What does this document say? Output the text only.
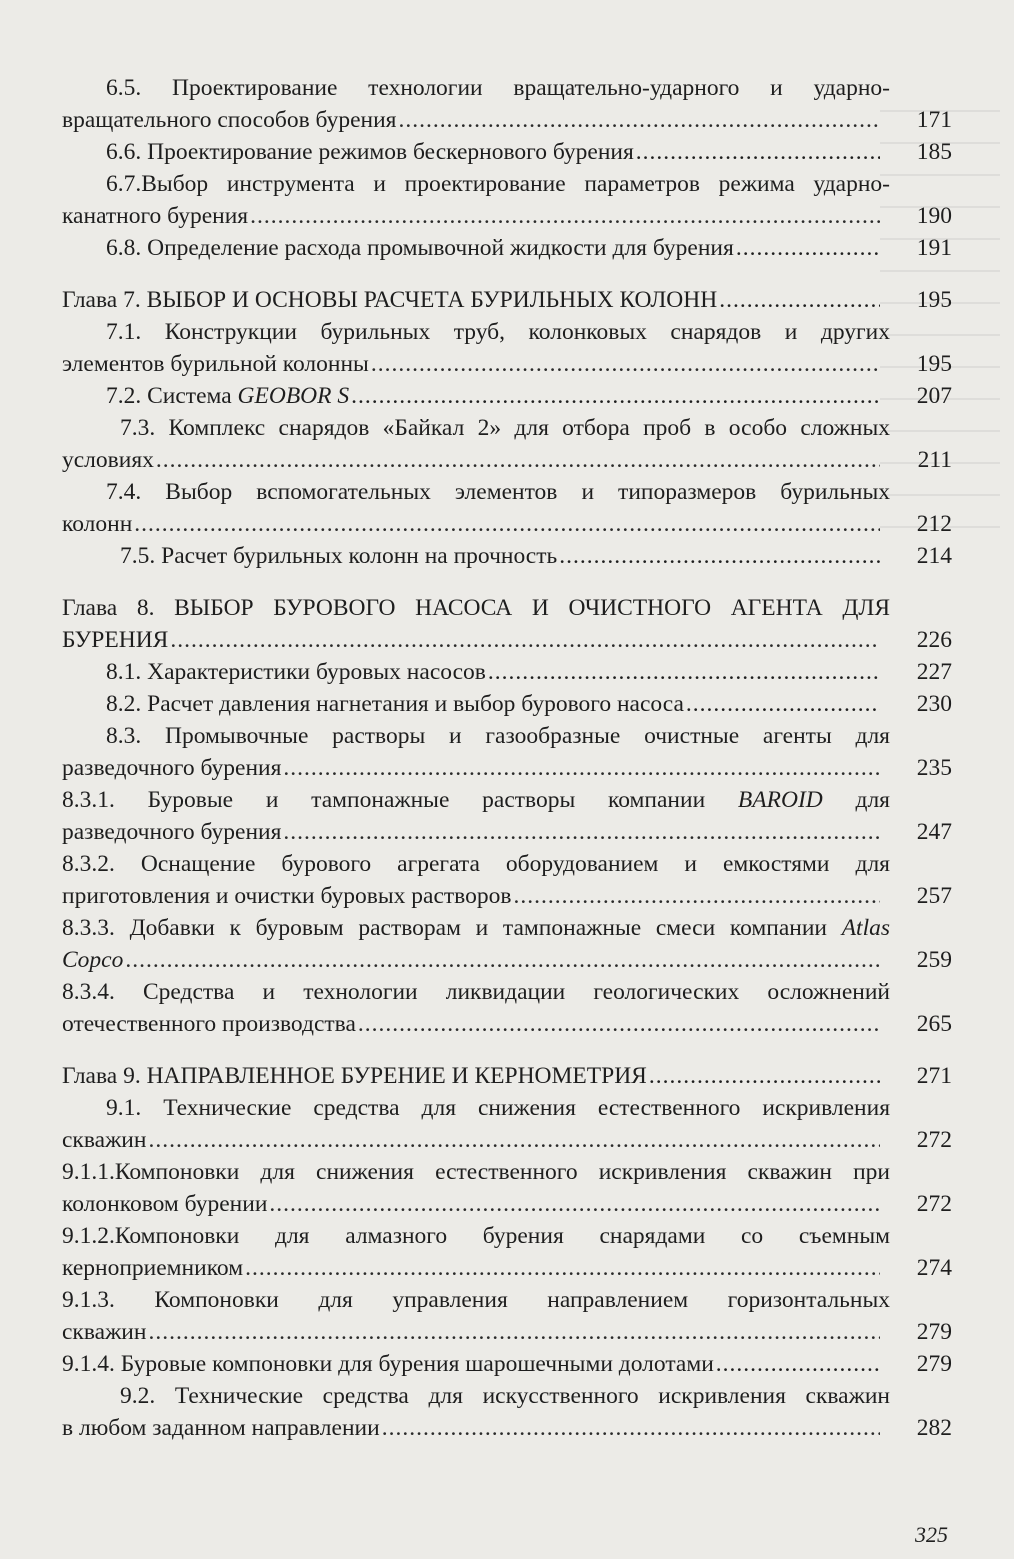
6.5. Проектирование технологии вращательно-ударного и ударно-
вращательного способов бурения .....	171
6.6. Проектирование режимов бескернового бурения .....	185
6.7.Выбор инструмента и проектирование параметров режима ударно-
канатного бурения .....	190
6.8. Определение расхода промывочной жидкости для бурения .....	191
Глава 7. ВЫБОР И ОСНОВЫ РАСЧЕТА БУРИЛЬНЫХ КОЛОНН .....	195
7.1. Конструкции бурильных труб, колонковых снарядов и других
элементов бурильной колонны .....	195
7.2. Система GEOBOR S .....	207
7.3. Комплекс снарядов «Байкал 2» для отбора проб в особо сложных
условиях .....	211
7.4. Выбор вспомогательных элементов и типоразмеров бурильных
колонн .....	212
7.5. Расчет бурильных колонн на прочность .....	214
Глава 8. ВЫБОР БУРОВОГО НАСОСА И ОЧИСТНОГО АГЕНТА ДЛЯ
БУРЕНИЯ .....	226
8.1. Характеристики буровых насосов .....	227
8.2. Расчет давления нагнетания и выбор бурового насоса .....	230
8.3. Промывочные растворы и газообразные очистные агенты для
разведочного бурения .....	235
8.3.1. Буровые и тампонажные растворы компании BAROID для
разведочного бурения .....	247
8.3.2. Оснащение бурового агрегата оборудованием и емкостями для
приготовления и очистки буровых растворов .....	257
8.3.3. Добавки к буровым растворам и тампонажные смеси компании Atlas
Copco .....	259
8.3.4. Средства и технологии ликвидации геологических осложнений
отечественного производства .....	265
Глава 9. НАПРАВЛЕННОЕ БУРЕНИЕ И КЕРНОМЕТРИЯ .....	271
9.1. Технические средства для снижения естественного искривления
скважин .....	272
9.1.1.Компоновки для снижения естественного искривления скважин при
колонковом бурении .....	272
9.1.2.Компоновки для алмазного бурения снарядами со съемным
керноприемником .....	274
9.1.3. Компоновки для управления направлением горизонтальных
скважин .....	279
9.1.4. Буровые компоновки для бурения шарошечными долотами .....	279
9.2. Технические средства для искусственного искривления скважин
в любом заданном направлении .....	282
325
